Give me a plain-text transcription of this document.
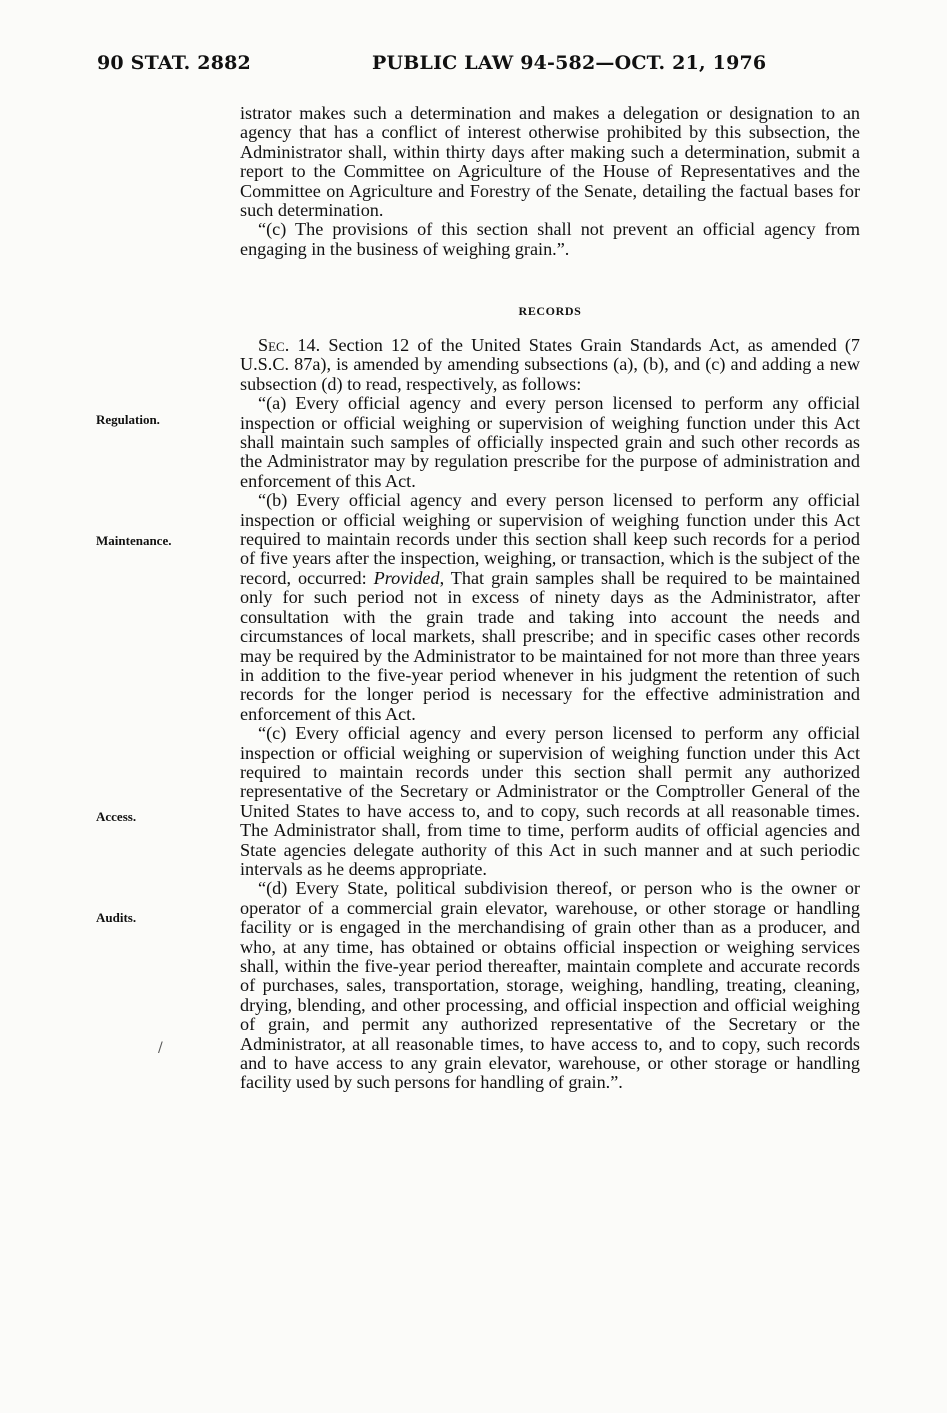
90 STAT. 2882	PUBLIC LAW 94-582—OCT. 21, 1976
Regulation.
Maintenance.
Access.
Audits.
/

istrator makes such a determination and makes a delegation or designation to an agency that has a conflict of interest otherwise prohibited by this subsection, the Administrator shall, within thirty days after making such a determination, submit a report to the Committee on Agriculture of the House of Representatives and the Committee on Agriculture and Forestry of the Senate, detailing the factual bases for such determination.

“(c) The provisions of this section shall not prevent an official agency from engaging in the business of weighing grain.”.

RECORDS

Sec. 14. Section 12 of the United States Grain Standards Act, as amended (7 U.S.C. 87a), is amended by amending subsections (a), (b), and (c) and adding a new subsection (d) to read, respectively, as follows:

“(a) Every official agency and every person licensed to perform any official inspection or official weighing or supervision of weighing function under this Act shall maintain such samples of officially inspected grain and such other records as the Administrator may by regulation prescribe for the purpose of administration and enforcement of this Act.

“(b) Every official agency and every person licensed to perform any official inspection or official weighing or supervision of weighing function under this Act required to maintain records under this section shall keep such records for a period of five years after the inspection, weighing, or transaction, which is the subject of the record, occurred: Provided, That grain samples shall be required to be maintained only for such period not in excess of ninety days as the Administrator, after consultation with the grain trade and taking into account the needs and circumstances of local markets, shall prescribe; and in specific cases other records may be required by the Administrator to be maintained for not more than three years in addition to the five-year period whenever in his judgment the retention of such records for the longer period is necessary for the effective administration and enforcement of this Act.

“(c) Every official agency and every person licensed to perform any official inspection or official weighing or supervision of weighing function under this Act required to maintain records under this section shall permit any authorized representative of the Secretary or Administrator or the Comptroller General of the United States to have access to, and to copy, such records at all reasonable times. The Administrator shall, from time to time, perform audits of official agencies and State agencies delegate authority of this Act in such manner and at such periodic intervals as he deems appropriate.

“(d) Every State, political subdivision thereof, or person who is the owner or operator of a commercial grain elevator, warehouse, or other storage or handling facility or is engaged in the merchandising of grain other than as a producer, and who, at any time, has obtained or obtains official inspection or weighing services shall, within the five-year period thereafter, maintain complete and accurate records of purchases, sales, transportation, storage, weighing, handling, treating, cleaning, drying, blending, and other processing, and official inspection and official weighing of grain, and permit any authorized representative of the Secretary or the Administrator, at all reasonable times, to have access to, and to copy, such records and to have access to any grain elevator, warehouse, or other storage or handling facility used by such persons for handling of grain.”.
